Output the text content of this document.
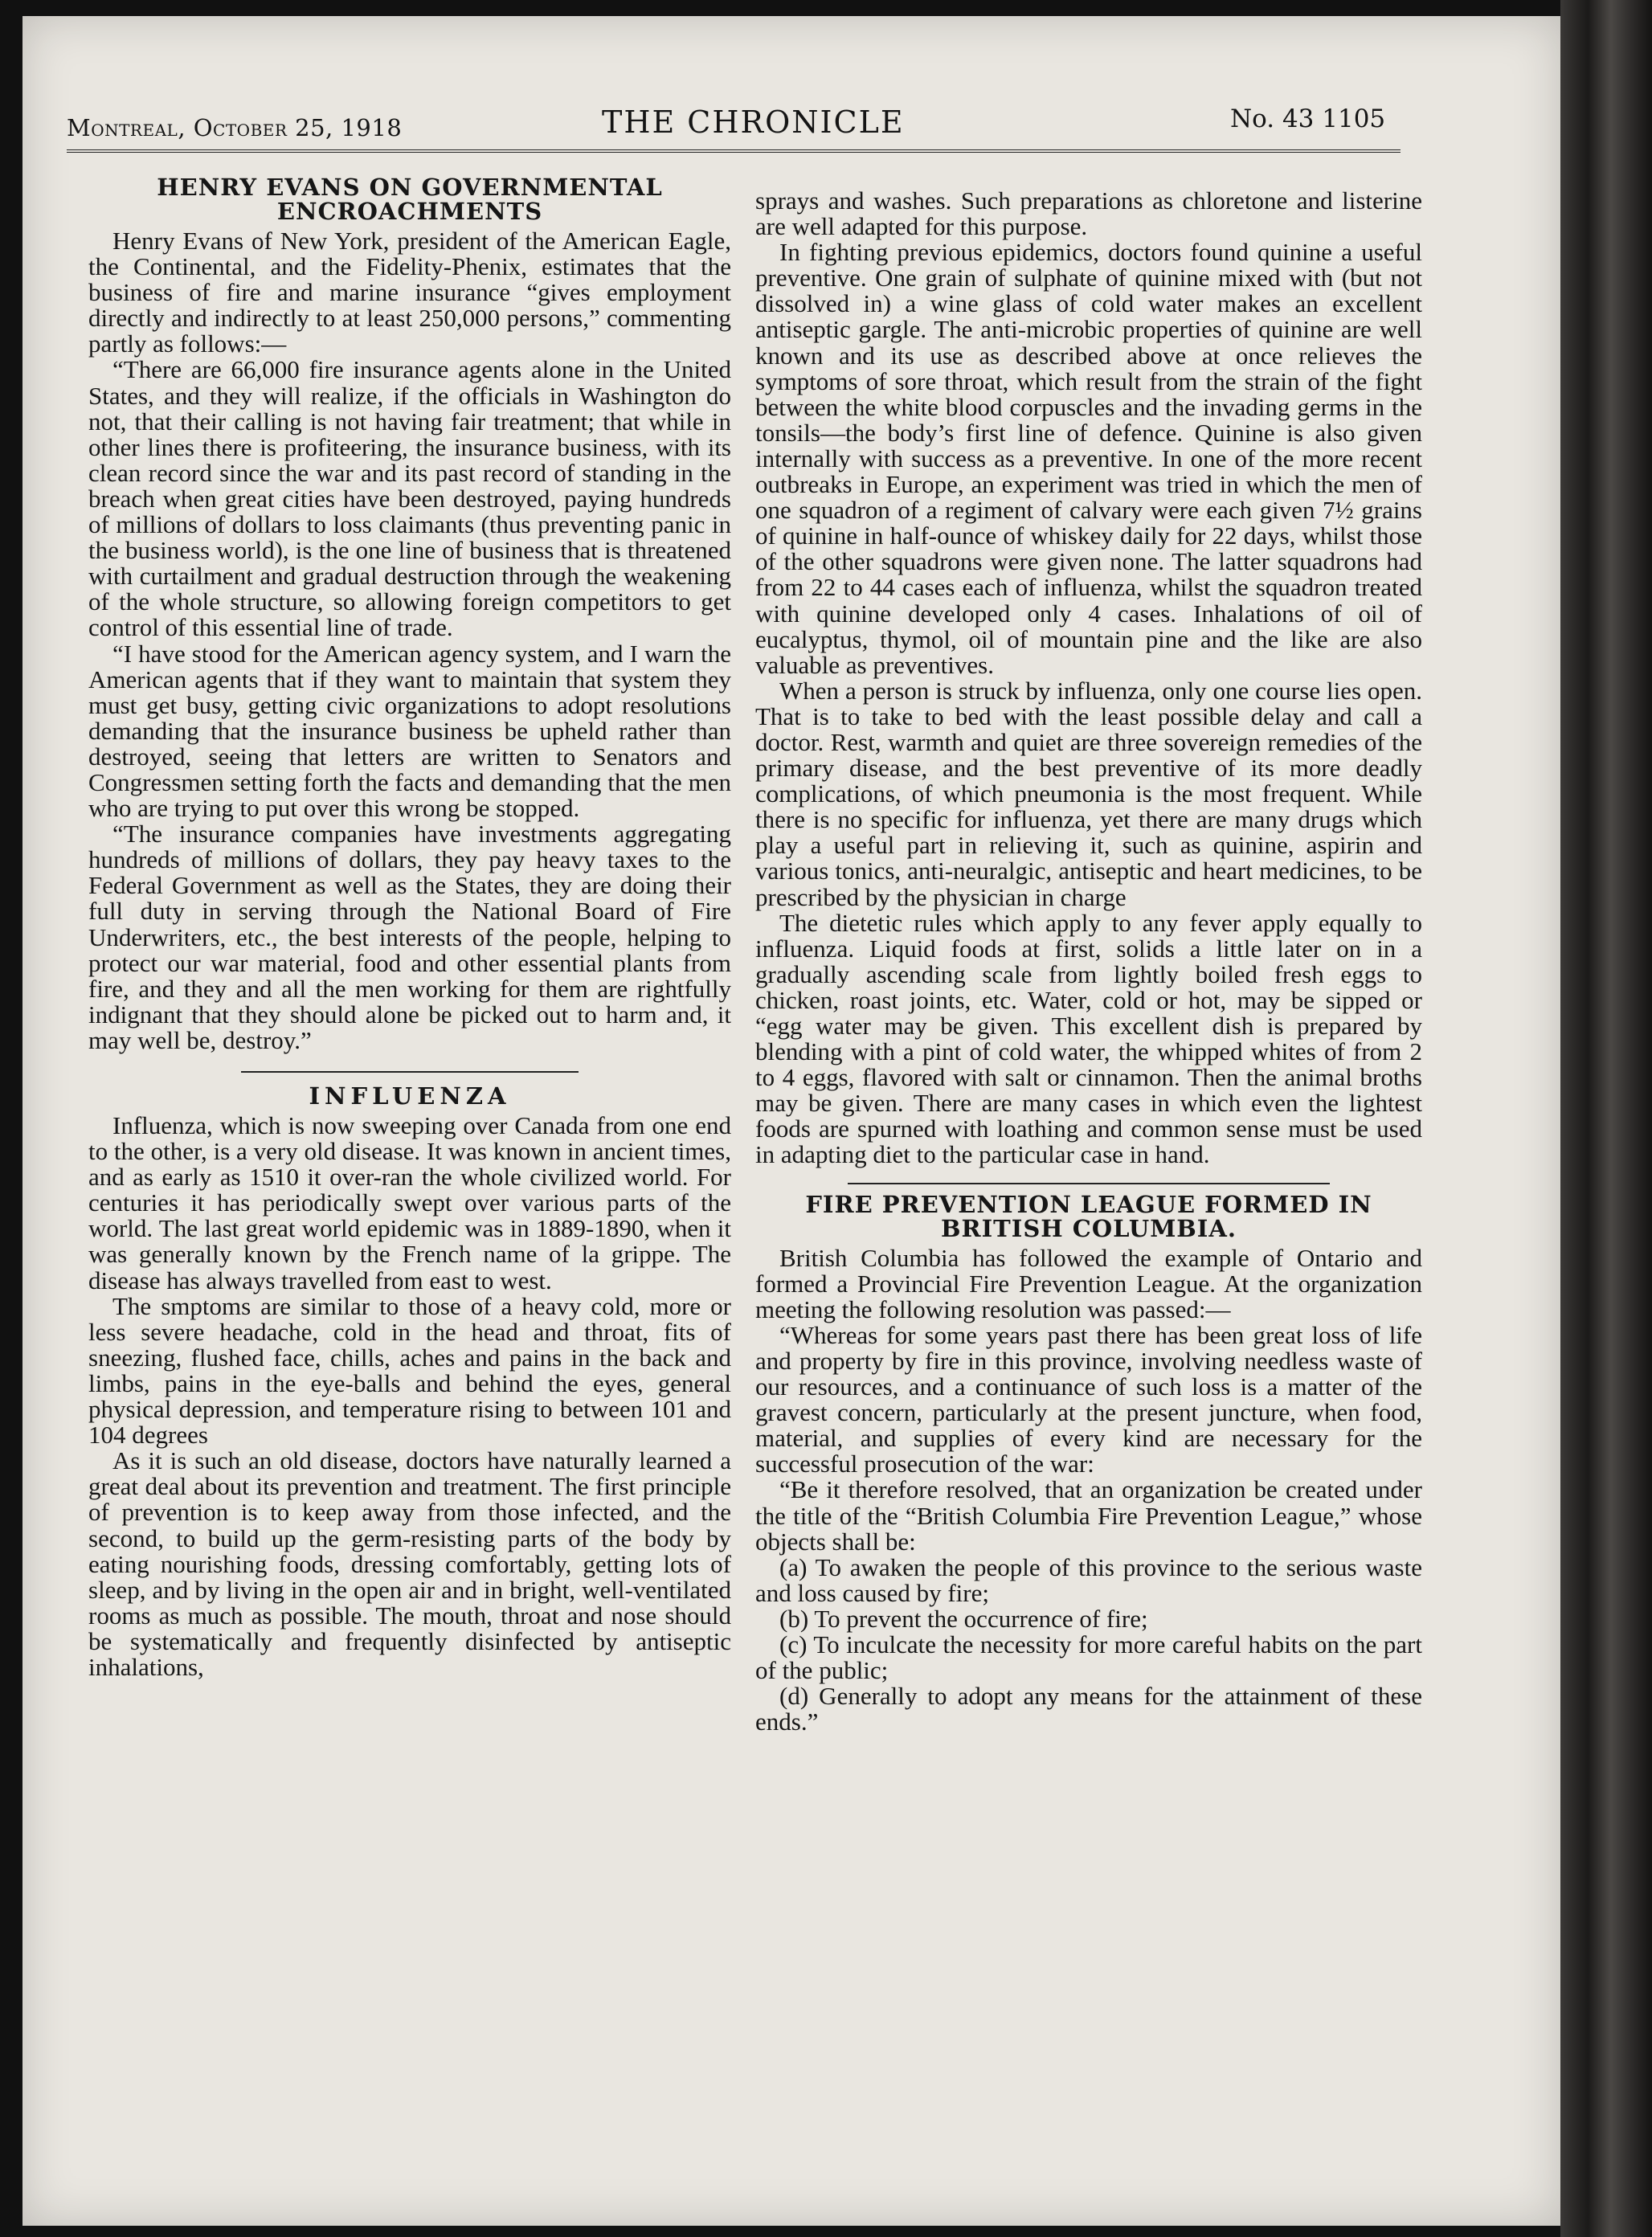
Montreal, October 25, 1918	THE CHRONICLE	No. 43 1105
HENRY EVANS ON GOVERNMENTAL ENCROACHMENTS

Henry Evans of New York, president of the American Eagle, the Continental, and the Fidelity-Phenix, estimates that the business of fire and marine insurance “gives employment directly and indirectly to at least 250,000 persons,” commenting partly as follows:—

“There are 66,000 fire insurance agents alone in the United States, and they will realize, if the officials in Washington do not, that their calling is not having fair treatment; that while in other lines there is profiteering, the insurance business, with its clean record since the war and its past record of standing in the breach when great cities have been destroyed, paying hundreds of millions of dollars to loss claimants (thus preventing panic in the business world), is the one line of business that is threatened with curtailment and gradual destruction through the weakening of the whole structure, so allowing foreign competitors to get control of this essential line of trade.

“I have stood for the American agency system, and I warn the American agents that if they want to maintain that system they must get busy, getting civic organizations to adopt resolutions demanding that the insurance business be upheld rather than destroyed, seeing that letters are written to Senators and Congressmen setting forth the facts and demanding that the men who are trying to put over this wrong be stopped.

“The insurance companies have investments aggregating hundreds of millions of dollars, they pay heavy taxes to the Federal Government as well as the States, they are doing their full duty in serving through the National Board of Fire Underwriters, etc., the best interests of the people, helping to protect our war material, food and other essential plants from fire, and they and all the men working for them are rightfully indignant that they should alone be picked out to harm and, it may well be, destroy.”

INFLUENZA

Influenza, which is now sweeping over Canada from one end to the other, is a very old disease. It was known in ancient times, and as early as 1510 it over-ran the whole civilized world. For centuries it has periodically swept over various parts of the world. The last great world epidemic was in 1889-1890, when it was generally known by the French name of la grippe. The disease has always travelled from east to west.

The smptoms are similar to those of a heavy cold, more or less severe headache, cold in the head and throat, fits of sneezing, flushed face, chills, aches and pains in the back and limbs, pains in the eye-balls and behind the eyes, general physical depression, and temperature rising to between 101 and 104 degrees

As it is such an old disease, doctors have naturally learned a great deal about its prevention and treatment. The first principle of prevention is to keep away from those infected, and the second, to build up the germ-resisting parts of the body by eating nourishing foods, dressing comfortably, getting lots of sleep, and by living in the open air and in bright, well-ventilated rooms as much as possible. The mouth, throat and nose should be systematically and frequently disinfected by antiseptic inhalations,

sprays and washes. Such preparations as chloretone and listerine are well adapted for this purpose.

In fighting previous epidemics, doctors found quinine a useful preventive. One grain of sulphate of quinine mixed with (but not dissolved in) a wine glass of cold water makes an excellent antiseptic gargle. The anti-microbic properties of quinine are well known and its use as described above at once relieves the symptoms of sore throat, which result from the strain of the fight between the white blood corpuscles and the invading germs in the tonsils—the body’s first line of defence. Quinine is also given internally with success as a preventive. In one of the more recent outbreaks in Europe, an experiment was tried in which the men of one squadron of a regiment of calvary were each given 7½ grains of quinine in half-ounce of whiskey daily for 22 days, whilst those of the other squadrons were given none. The latter squadrons had from 22 to 44 cases each of influenza, whilst the squadron treated with quinine developed only 4 cases. Inhalations of oil of eucalyptus, thymol, oil of mountain pine and the like are also valuable as preventives.

When a person is struck by influenza, only one course lies open. That is to take to bed with the least possible delay and call a doctor. Rest, warmth and quiet are three sovereign remedies of the primary disease, and the best preventive of its more deadly complications, of which pneumonia is the most frequent. While there is no specific for influenza, yet there are many drugs which play a useful part in relieving it, such as quinine, aspirin and various tonics, anti-neuralgic, antiseptic and heart medicines, to be prescribed by the physician in charge

The dietetic rules which apply to any fever apply equally to influenza. Liquid foods at first, solids a little later on in a gradually ascending scale from lightly boiled fresh eggs to chicken, roast joints, etc. Water, cold or hot, may be sipped or “egg water may be given. This excellent dish is prepared by blending with a pint of cold water, the whipped whites of from 2 to 4 eggs, flavored with salt or cinnamon. Then the animal broths may be given. There are many cases in which even the lightest foods are spurned with loathing and common sense must be used in adapting diet to the particular case in hand.

FIRE PREVENTION LEAGUE FORMED IN BRITISH COLUMBIA.

British Columbia has followed the example of Ontario and formed a Provincial Fire Prevention League. At the organization meeting the following resolution was passed:—

“Whereas for some years past there has been great loss of life and property by fire in this province, involving needless waste of our resources, and a continuance of such loss is a matter of the gravest concern, particularly at the present juncture, when food, material, and supplies of every kind are necessary for the successful prosecution of the war:

“Be it therefore resolved, that an organization be created under the title of the “British Columbia Fire Prevention League,” whose objects shall be:

(a) To awaken the people of this province to the serious waste and loss caused by fire;

(b) To prevent the occurrence of fire;

(c) To inculcate the necessity for more careful habits on the part of the public;

(d) Generally to adopt any means for the attainment of these ends.”
